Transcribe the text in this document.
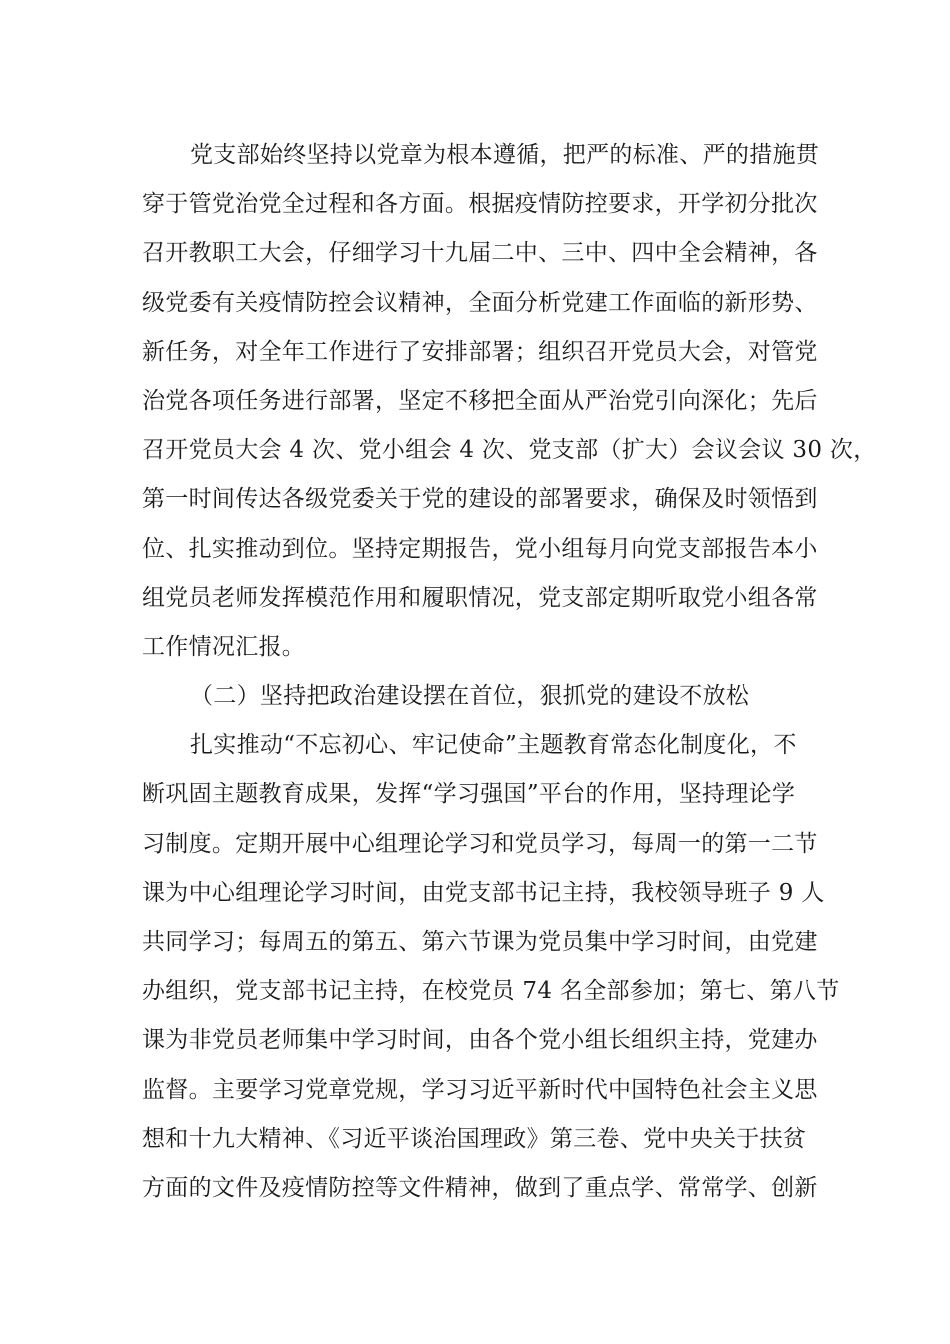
党支部始终坚持以党章为根本遵循，把严的标准、严的措施贯
穿于管党治党全过程和各方面。根据疫情防控要求，开学初分批次
召开教职工大会，仔细学习十九届二中、三中、四中全会精神，各
级党委有关疫情防控会议精神，全面分析党建工作面临的新形势、
新任务，对全年工作进行了安排部署；组织召开党员大会，对管党
治党各项任务进行部署，坚定不移把全面从严治党引向深化；先后
召开党员大会 4 次、党小组会 4 次、党支部（扩大）会议会议 30 次，
第一时间传达各级党委关于党的建设的部署要求，确保及时领悟到
位、扎实推动到位。坚持定期报告，党小组每月向党支部报告本小
组党员老师发挥模范作用和履职情况，党支部定期听取党小组各常
工作情况汇报。
（二）坚持把政治建设摆在首位，狠抓党的建设不放松
扎实推动“不忘初心、牢记使命”主题教育常态化制度化，不
断巩固主题教育成果，发挥“学习强国”平台的作用，坚持理论学
习制度。定期开展中心组理论学习和党员学习，每周一的第一二节
课为中心组理论学习时间，由党支部书记主持，我校领导班子 9 人
共同学习；每周五的第五、第六节课为党员集中学习时间，由党建
办组织，党支部书记主持，在校党员 74 名全部参加；第七、第八节
课为非党员老师集中学习时间，由各个党小组长组织主持，党建办
监督。主要学习党章党规，学习习近平新时代中国特色社会主义思
想和十九大精神、《习近平谈治国理政》第三卷、党中央关于扶贫
方面的文件及疫情防控等文件精神，做到了重点学、常常学、创新
